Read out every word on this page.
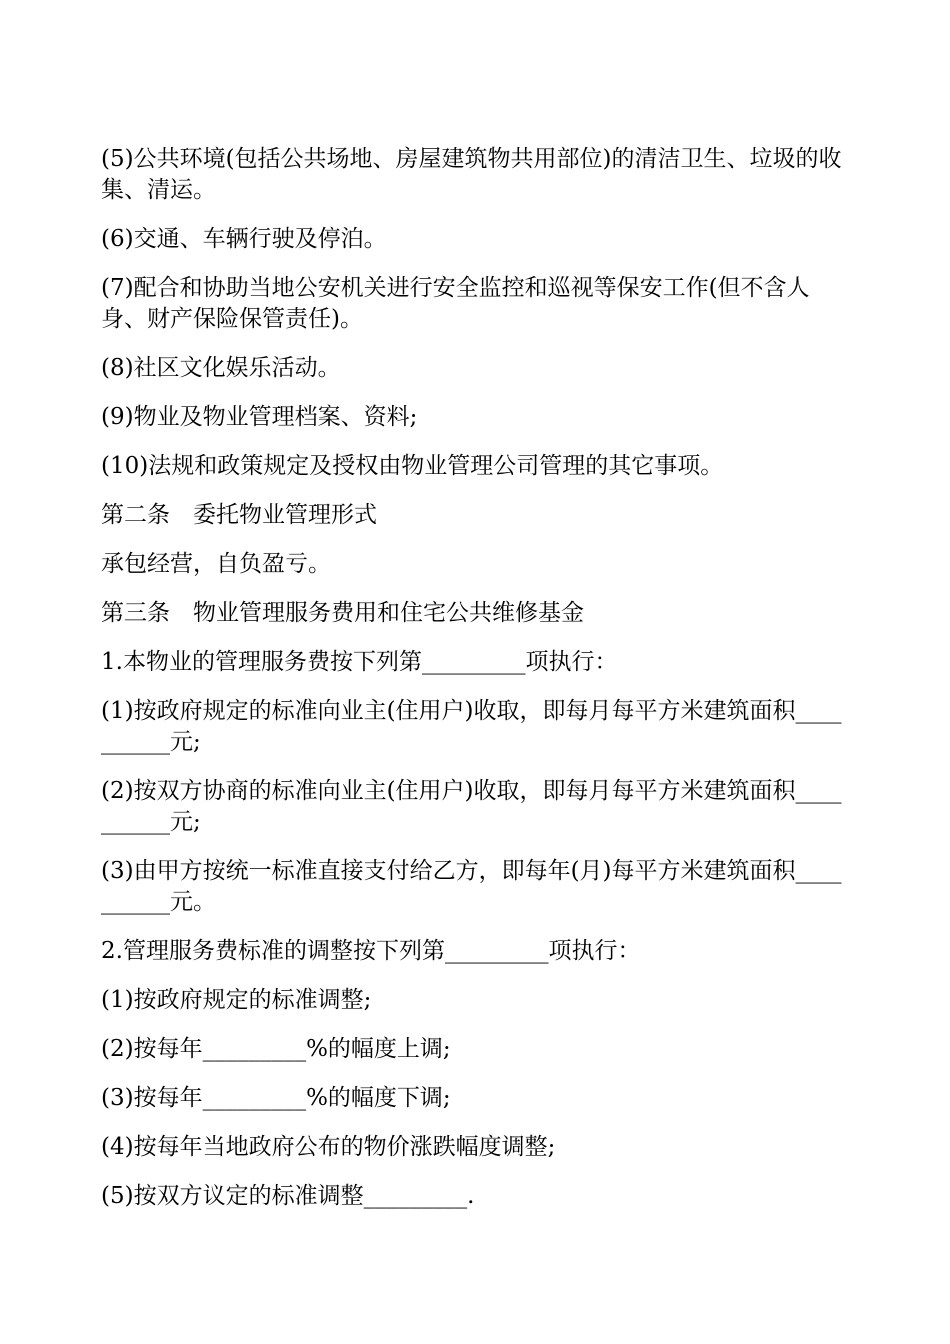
(5)公共环境(包括公共场地、房屋建筑物共用部位)的清洁卫生、垃圾的收集、清运。

(6)交通、车辆行驶及停泊。

(7)配合和协助当地公安机关进行安全监控和巡视等保安工作(但不含人身、财产保险保管责任)。

(8)社区文化娱乐活动。

(9)物业及物业管理档案、资料;

(10)法规和政策规定及授权由物业管理公司管理的其它事项。

第二条　委托物业管理形式

承包经营，自负盈亏。

第三条　物业管理服务费用和住宅公共维修基金

1.本物业的管理服务费按下列第_________项执行：

(1)按政府规定的标准向业主(住用户)收取，即每月每平方米建筑面积__________元;

(2)按双方协商的标准向业主(住用户)收取，即每月每平方米建筑面积__________元;

(3)由甲方按统一标准直接支付给乙方，即每年(月)每平方米建筑面积__________元。

2.管理服务费标准的调整按下列第_________项执行：

(1)按政府规定的标准调整;

(2)按每年_________%的幅度上调;

(3)按每年_________%的幅度下调;

(4)按每年当地政府公布的物价涨跌幅度调整;

(5)按双方议定的标准调整_________.
